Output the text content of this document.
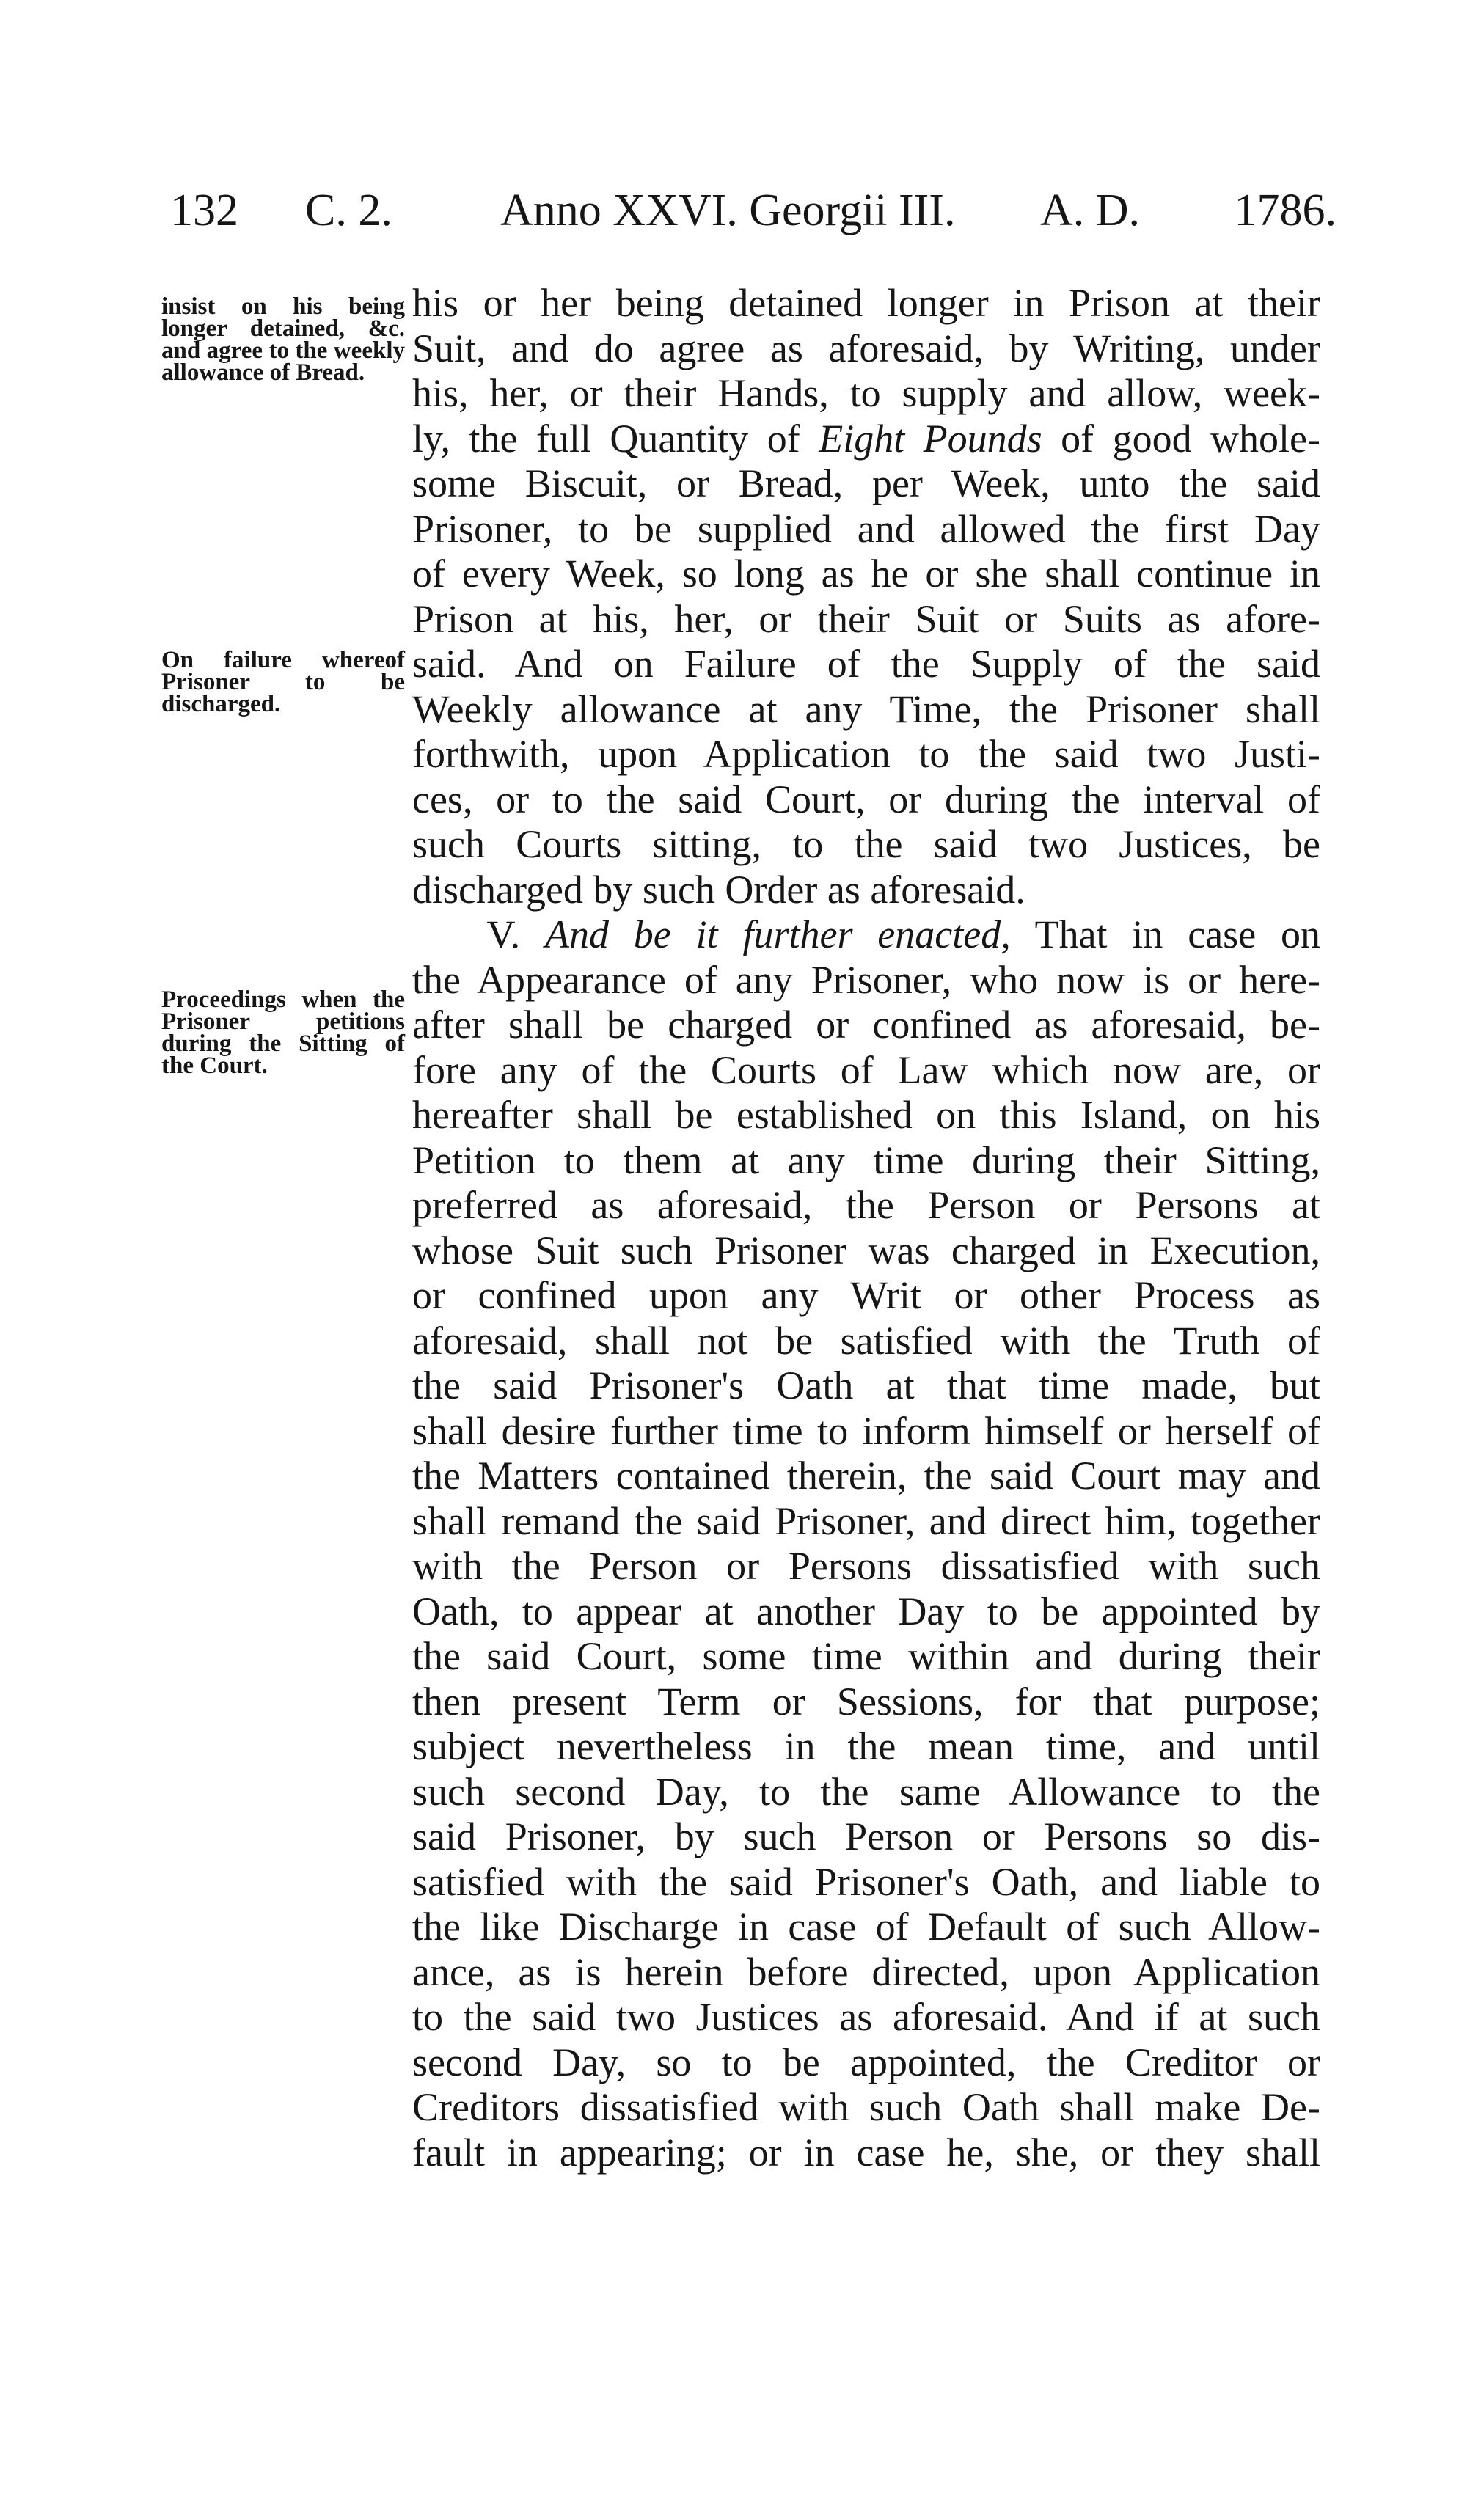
132 C. 2. Anno XXVI. Georgii III. A. D. 1786.
insist on his being longer detained, &c. and agree to the weekly allowance of Bread.
On failure whereof Prisoner to be discharged.
Proceedings when the Prisoner petitions during the Sitting of the Court.
his or her being detained longer in Prison at their
Suit, and do agree as aforesaid, by Writing, under
his, her, or their Hands, to supply and allow, week-
ly, the full Quantity of Eight Pounds of good whole-
some Biscuit, or Bread, per Week, unto the said
Prisoner, to be supplied and allowed the first Day
of every Week, so long as he or she shall continue in
Prison at his, her, or their Suit or Suits as afore-
said. And on Failure of the Supply of the said
Weekly allowance at any Time, the Prisoner shall
forthwith, upon Application to the said two Justi-
ces, or to the said Court, or during the interval of
such Courts sitting, to the said two Justices, be
discharged by such Order as aforesaid.
V. And be it further enacted, That in case on
the Appearance of any Prisoner, who now is or here-
after shall be charged or confined as aforesaid, be-
fore any of the Courts of Law which now are, or
hereafter shall be established on this Island, on his
Petition to them at any time during their Sitting,
preferred as aforesaid, the Person or Persons at
whose Suit such Prisoner was charged in Execution,
or confined upon any Writ or other Process as
aforesaid, shall not be satisfied with the Truth of
the said Prisoner's Oath at that time made, but
shall desire further time to inform himself or herself of
the Matters contained therein, the said Court may and
shall remand the said Prisoner, and direct him, together
with the Person or Persons dissatisfied with such
Oath, to appear at another Day to be appointed by
the said Court, some time within and during their
then present Term or Sessions, for that purpose;
subject nevertheless in the mean time, and until
such second Day, to the same Allowance to the
said Prisoner, by such Person or Persons so dis-
satisfied with the said Prisoner's Oath, and liable to
the like Discharge in case of Default of such Allow-
ance, as is herein before directed, upon Application
to the said two Justices as aforesaid. And if at such
second Day, so to be appointed, the Creditor or
Creditors dissatisfied with such Oath shall make De-
fault in appearing; or in case he, she, or they shall
